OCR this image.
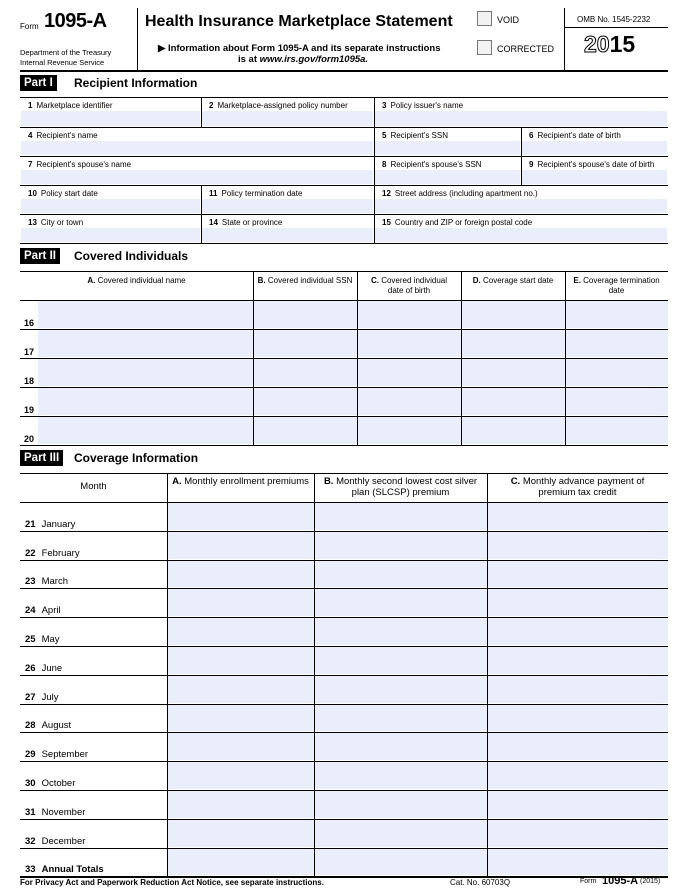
Form 1095-A
Department of the Treasury
Internal Revenue Service
Health Insurance Marketplace Statement
▶ Information about Form 1095-A and its separate instructions
is at www.irs.gov/form1095a.
VOID
CORRECTED
OMB No. 1545-2232
2015
Part I	Recipient Information
1 Marketplace identifier	2 Marketplace-assigned policy number	3 Policy issuer's name
4 Recipient's name	5 Recipient's SSN	6 Recipient's date of birth
7 Recipient's spouse's name	8 Recipient's spouse's SSN	9 Recipient's spouse's date of birth
10 Policy start date	11 Policy termination date	12 Street address (including apartment no.)
13 City or town	14 State or province	15 Country and ZIP or foreign postal code
Part II	Covered Individuals
A. Covered individual name	B. Covered individual SSN	C. Covered individual
date of birth
D. Coverage start date	E. Coverage termination date
16
17
18
19
20
Part III	Coverage Information
Month	A. Monthly enrollment premiums	B. Monthly second lowest cost silver
plan (SLCSP) premium
C. Monthly advance payment of
premium tax credit
21 January
22 February
23 March
24 April
25 May
26 June
27 July
28 August
29 September
30 October
31 November
32 December
33 Annual Totals
For Privacy Act and Paperwork Reduction Act Notice, see separate instructions.	Cat. No. 60703Q	Form 1095-A (2015)
